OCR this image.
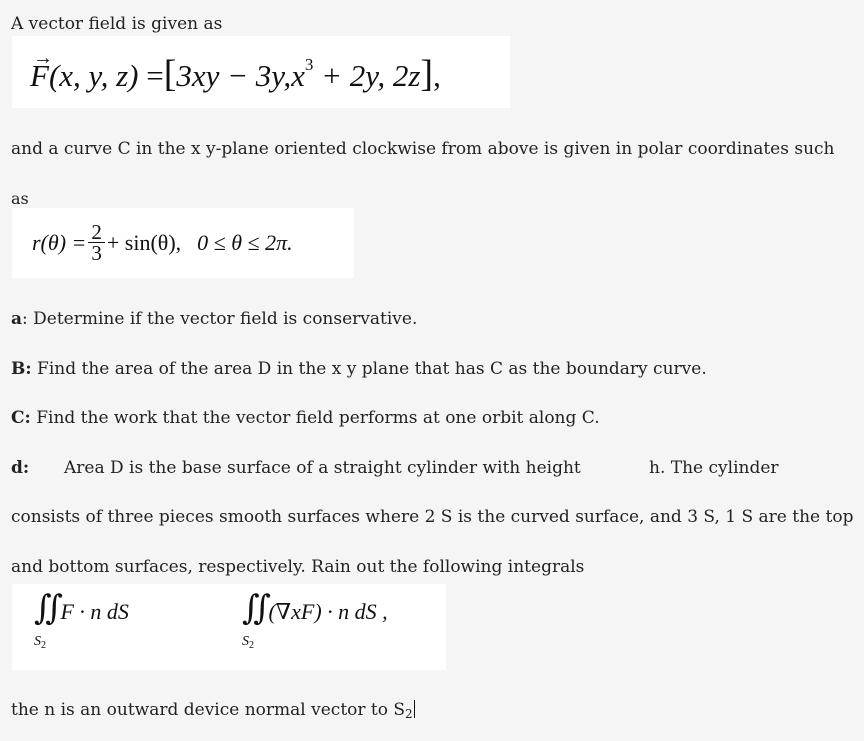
A vector field is given as
→ F(x, y, $z) =[3xy - 3y,x^3 + 2y$, 2z],
and a curve C in the x y-plane oriented clockwise from above is given in polar coordinates such
as
$r(\theta) = \frac{2}{3} + \sin(\theta)$, 0 ≤ θ ≤ 2π.
a: Determine if the vector field is conservative.
B: Find the area of the area D in the x y plane that has C as the boundary curve.
C: Find the work that the vector field performs at one orbit along C.
d: Area D is the base surface of a straight cylinder with height	h. The cylinder
consists of three pieces smooth surfaces where 2 S is the curved surface, and 3 S, 1 S are the top
and bottom surfaces, respectively. Rain out the following integrals
∬ F · n dS
$S_2$
∬ (∇xF) · n dS ,
$S_2$
the n is an outward device normal vector to S2
